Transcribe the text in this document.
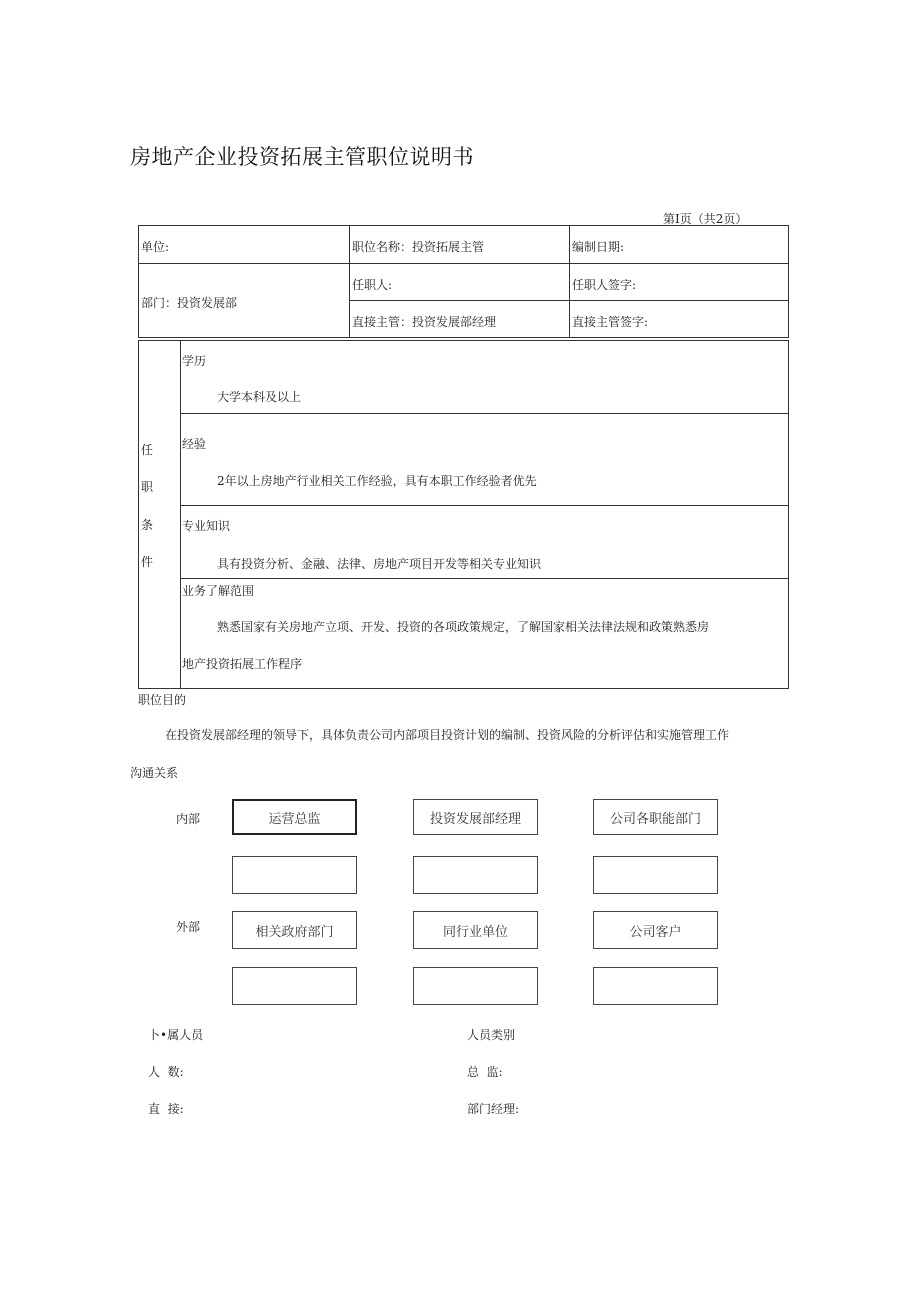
房地产企业投资拓展主管职位说明书
第Ⅰ页（共2页）
单位:	职位名称：投资拓展主管	编制日期:
部门：投资发展部
任职人:	任职人签字:
直接主管：投资发展部经理	直接主管签字:
任
职
条
件
学历
大学本科及以上
经验
2年以上房地产行业相关工作经验，具有本职工作经验者优先
专业知识
具有投资分析、金融、法律、房地产项目开发等相关专业知识
业务了解范围
熟悉国家有关房地产立项、开发、投资的各项政策规定，了解国家相关法律法规和政策熟悉房
地产投资拓展工作程序
职位目的
在投资发展部经理的领导下，具体负责公司内部项目投资计划的编制、投资风险的分析评估和实施管理工作
沟通关系
内部
外部
运营总监	投资发展部经理	公司各职能部门
相关政府部门	同行业单位	公司客户
卜•属人员	人员类别
人  数:	总  监:
直  接:	部门经理:
